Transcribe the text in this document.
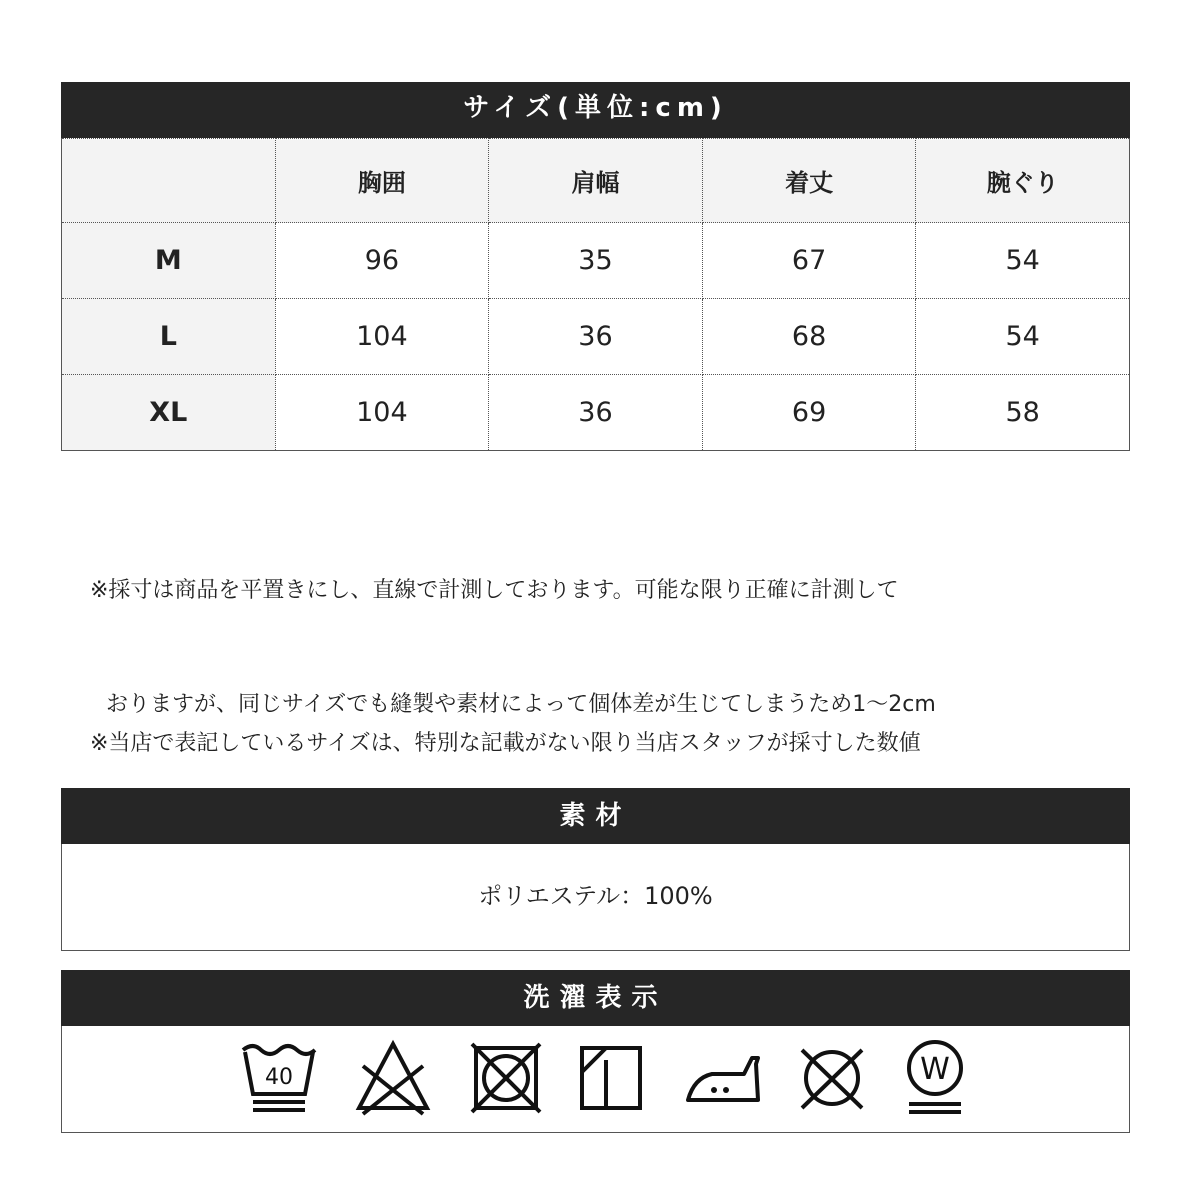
サイズ(単位:cm)
	胸囲	肩幅	着丈	腕ぐり
M	96	35	67	54
L	104	36	68	54
XL	104	36	69	58

※採寸は商品を平置きにし、直線で計測しております。可能な限り正確に計測して

おりますが、同じサイズでも縫製や素材によって個体差が生じてしまうため1～2cm

※当店で表記しているサイズは、特別な記載がない限り当店スタッフが採寸した数値

素材
ポリエステル：100%
洗濯表示
40	W
